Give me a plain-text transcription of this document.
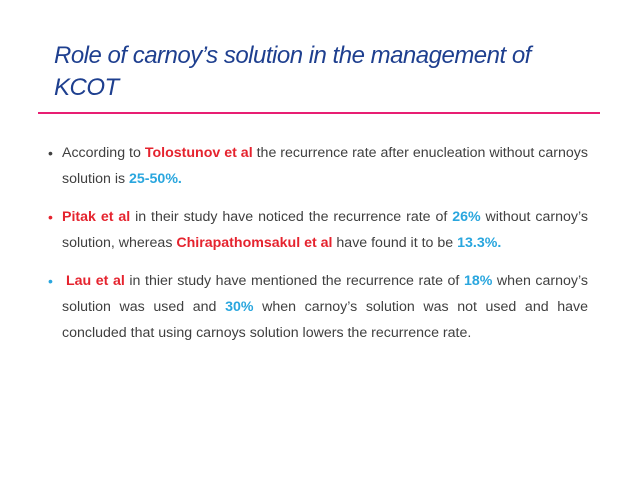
Role of carnoy’s solution in the management of KCOT
• According to Tolostunov et al the recurrence rate after enucleation without carnoys solution is 25-50%.
• Pitak et al in their study have noticed the recurrence rate of 26% without carnoy’s solution, whereas Chirapathomsakul et al have found it to be 13.3%.
• Lau et al in thier study have mentioned the recurrence rate of 18% when carnoy’s solution was used and 30% when carnoy’s solution was not used and have concluded that using carnoys solution lowers the recurrence rate.
